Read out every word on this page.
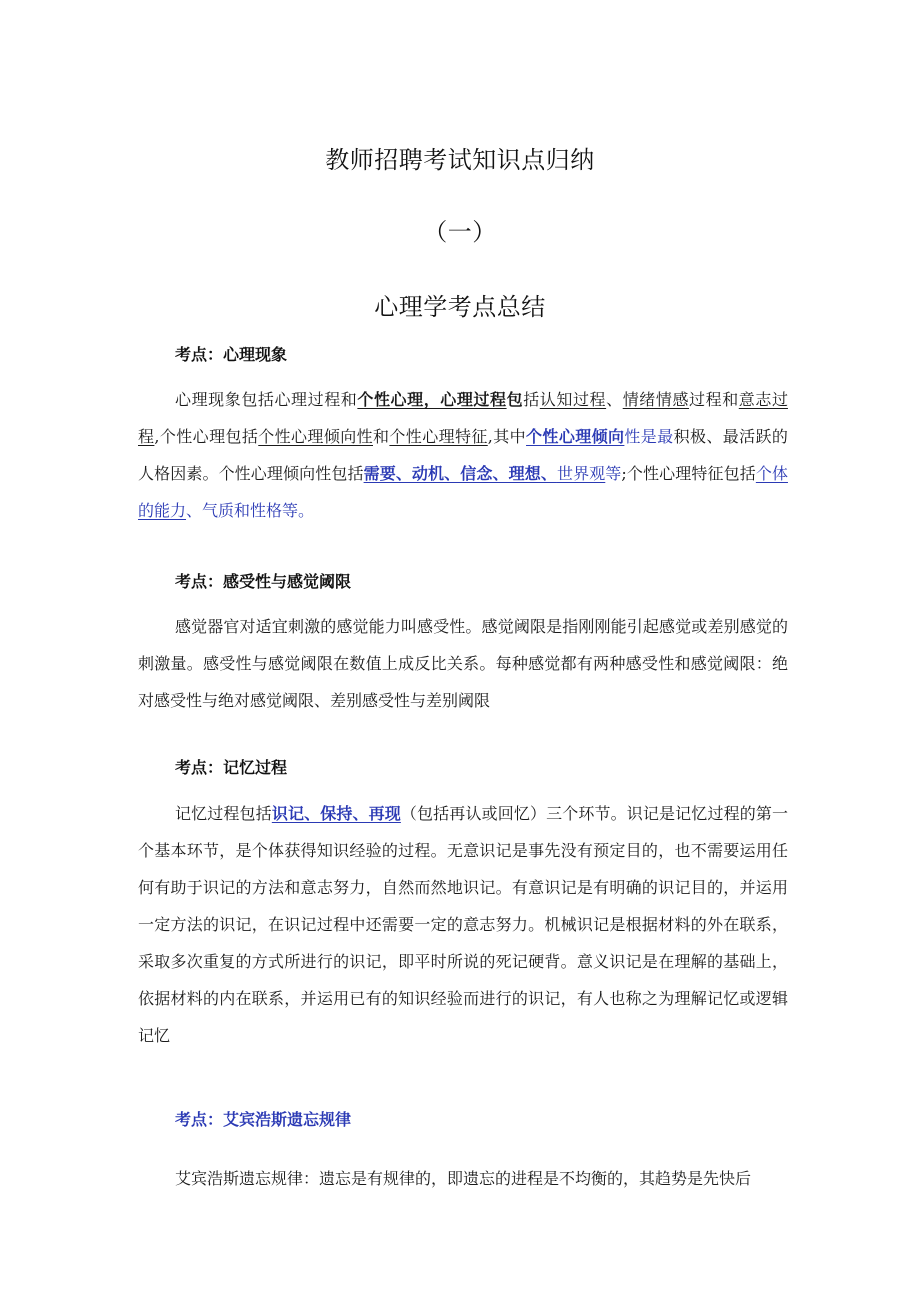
教师招聘考试知识点归纳
（一）
心理学考点总结
考点：心理现象
心理现象包括心理过程和个性心理，心理过程包括认知过程、情绪情感过程和意志过程,个性心理包括个性心理倾向性和个性心理特征,其中个性心理倾向性是最积极、最活跃的人格因素。个性心理倾向性包括需要、动机、信念、理想、世界观等;个性心理特征包括个体的能力、气质和性格等。
考点：感受性与感觉阈限
感觉器官对适宜刺激的感觉能力叫感受性。感觉阈限是指刚刚能引起感觉或差别感觉的刺激量。感受性与感觉阈限在数值上成反比关系。每种感觉都有两种感受性和感觉阈限：绝对感受性与绝对感觉阈限、差别感受性与差别阈限
考点：记忆过程
记忆过程包括识记、保持、再现（包括再认或回忆）三个环节。识记是记忆过程的第一个基本环节，是个体获得知识经验的过程。无意识记是事先没有预定目的，也不需要运用任何有助于识记的方法和意志努力，自然而然地识记。有意识记是有明确的识记目的，并运用一定方法的识记，在识记过程中还需要一定的意志努力。机械识记是根据材料的外在联系，采取多次重复的方式所进行的识记，即平时所说的死记硬背。意义识记是在理解的基础上，依据材料的内在联系，并运用已有的知识经验而进行的识记，有人也称之为理解记忆或逻辑记忆
考点：艾宾浩斯遗忘规律
艾宾浩斯遗忘规律：遗忘是有规律的，即遗忘的进程是不均衡的，其趋势是先快后
